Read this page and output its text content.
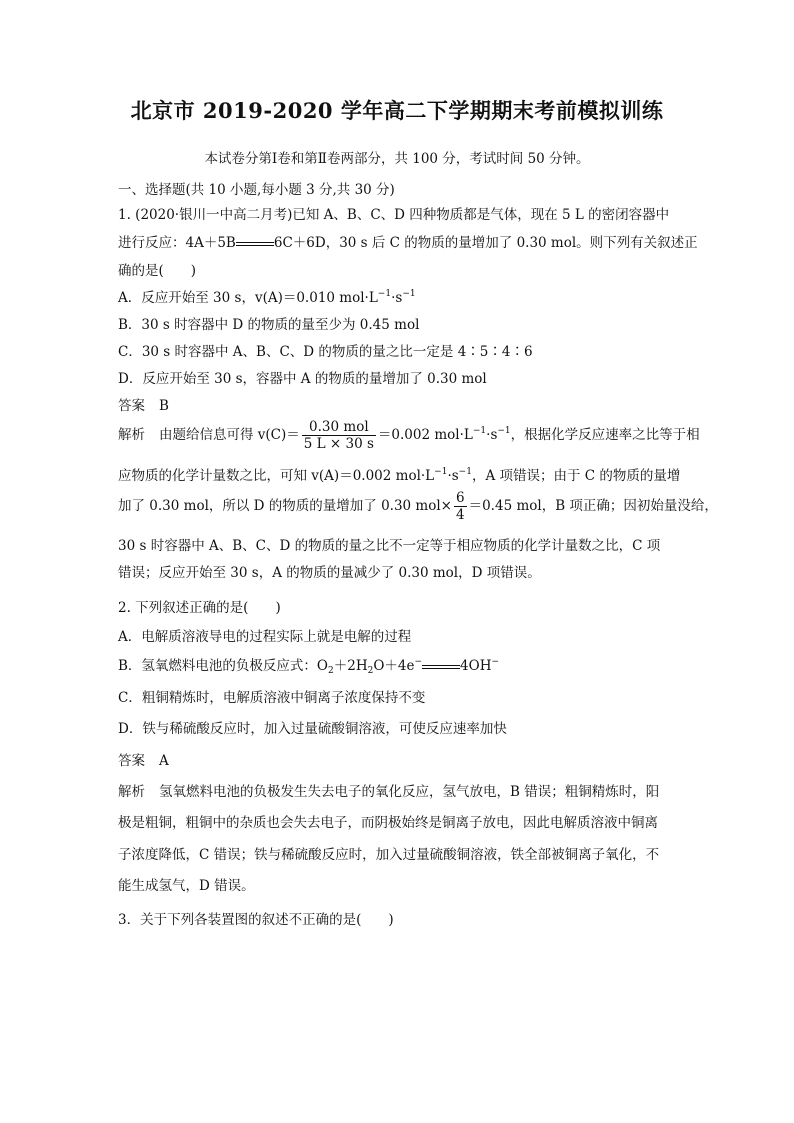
北京市 2019-2020 学年高二下学期期末考前模拟训练
本试卷分第Ⅰ卷和第Ⅱ卷两部分，共 100 分，考试时间 50 分钟。
一、选择题(共 10 小题,每小题 3 分,共 30 分)
1. (2020·银川一中高二月考)已知 A、B、C、D 四种物质都是气体，现在 5 L 的密闭容器中
进行反应：4A＋5B	6C＋6D，30 s 后 C 的物质的量增加了 0.30 mol。则下列有关叙述正
确的是(　　)
A．反应开始至 30 s，v(A)＝0.010 $mol\cdot L^{-1}\cdot s^{-1}$
B．30 s 时容器中 D 的物质的量至少为 0.45 mol
C．30 s 时容器中 A、B、C、D 的物质的量之比一定是 4∶5∶4∶6
D．反应开始至 30 s，容器中 A 的物质的量增加了 0.30 mol
答案 B
解析 由题给信息可得 $v(C)= \frac{\text{0.30 mol}}{5 L \times 30 s} =0.002$ $mol\cdot L^{-1}\cdot s^{-1}$，根据化学反应速率之比等于相
应物质的化学计量数之比，可知 v(A)＝0.002 $mol\cdot L^{-1}\cdot s^{-1}$，A 项错误；由于 C 的物质的量增
加了 0.30 mol，所以 D 的物质的量增加了 0.30 $mol\times \frac{6}{4} =0.45$ mol，B 项正确；因初始量没给，
30 s 时容器中 A、B、C、D 的物质的量之比不一定等于相应物质的化学计量数之比，C 项
错误；反应开始至 30 s，A 的物质的量减少了 0.30 mol，D 项错误。
2. 下列叙述正确的是(　　)
A．电解质溶液导电的过程实际上就是电解的过程
B．氢氧燃料电池的负极反应式：$O_2+2H_2O+4e^-$	4OH−
C．粗铜精炼时，电解质溶液中铜离子浓度保持不变
D．铁与稀硫酸反应时，加入过量硫酸铜溶液，可使反应速率加快
答案 A
解析 氢氧燃料电池的负极发生失去电子的氧化反应，氢气放电，B 错误；粗铜精炼时，阳
极是粗铜，粗铜中的杂质也会失去电子，而阴极始终是铜离子放电，因此电解质溶液中铜离
子浓度降低，C 错误；铁与稀硫酸反应时，加入过量硫酸铜溶液，铁全部被铜离子氧化，不
能生成氢气，D 错误。
3．关于下列各装置图的叙述不正确的是(　　)
